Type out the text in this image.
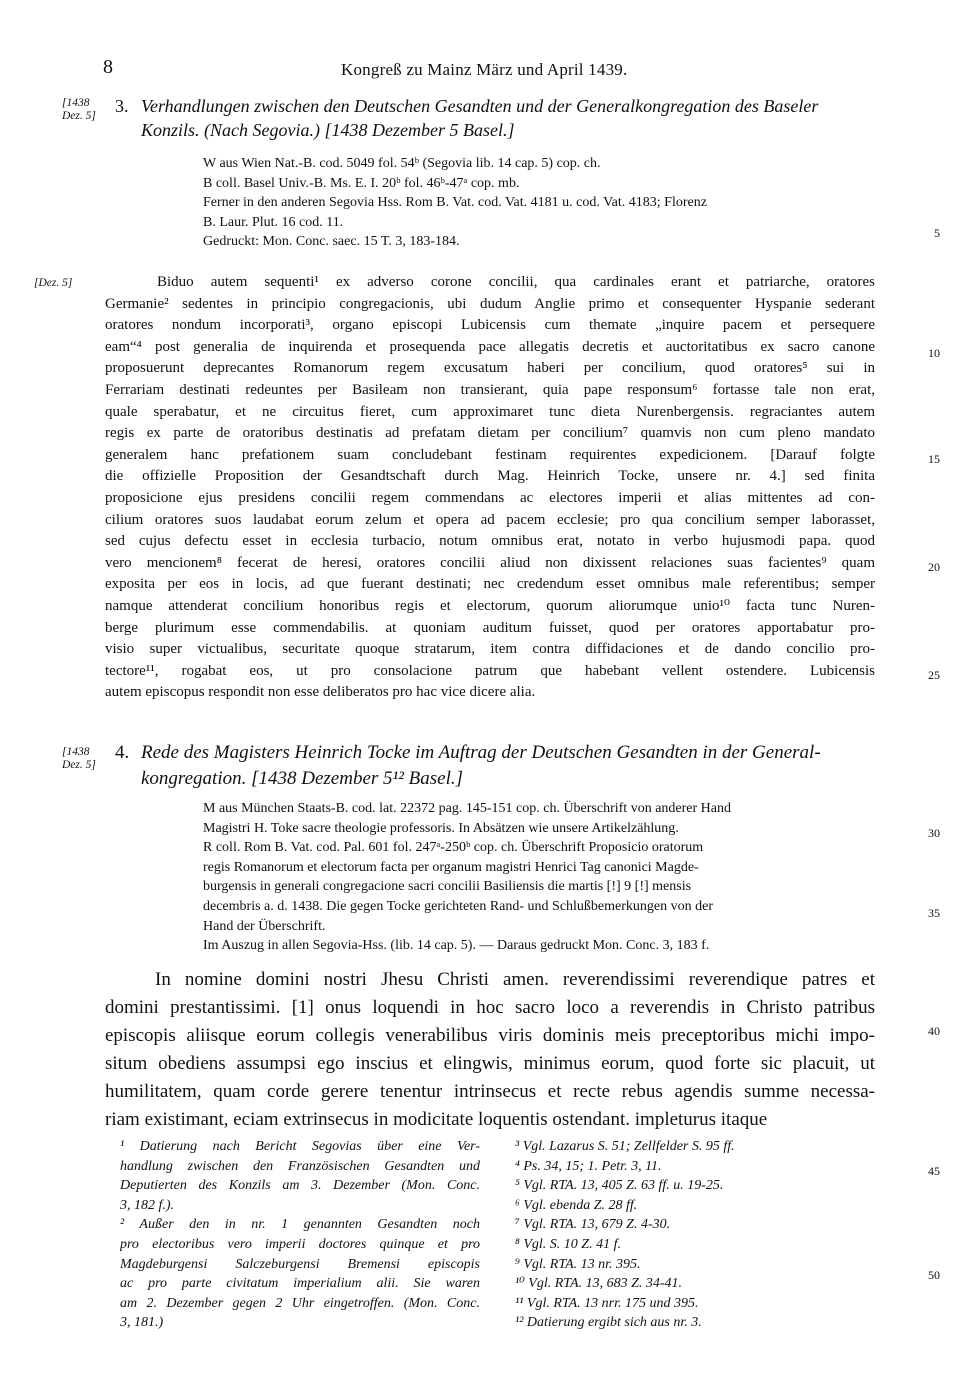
8	Kongreß zu Mainz März und April 1439.
[1438 Dez. 5] 3. Verhandlungen zwischen den Deutschen Gesandten und der Generalkongregation des Baseler
Konzils. (Nach Segovia.) [1438 Dezember 5 Basel.]

W aus Wien Nat.-B. cod. 5049 fol. 54ᵇ (Segovia lib. 14 cap. 5) cop. ch.

B coll. Basel Univ.-B. Ms. E. I. 20ᵇ fol. 46ᵇ-47ᵃ cop. mb.

Ferner in den anderen Segovia Hss. Rom B. Vat. cod. Vat. 4181 u. cod. Vat. 4183; Florenz

B. Laur. Plut. 16 cod. 11.

Gedruckt: Mon. Conc. saec. 15 T. 3, 183-184.

[Dez. 5]	Biduo autem sequenti¹ ex adverso corone concilii, qua cardinales erant et patriarche, oratores
Germanie² sedentes in principio congregacionis, ubi dudum Anglie primo et consequenter Hyspanie sederant
oratores nondum incorporati³, organo episcopi Lubicensis cum themate „inquire pacem et persequere
eam“⁴ post generalia de inquirenda et prosequenda pace allegatis decretis et auctoritatibus ex sacro canone
proposuerunt deprecantes Romanorum regem excusatum haberi per concilium, quod oratores⁵ sui in
Ferrariam destinati redeuntes per Basileam non transierant, quia pape responsum⁶ fortasse tale non erat,
quale sperabatur, et ne circuitus fieret, cum approximaret tunc dieta Nurenbergensis. regraciantes autem
regis ex parte de oratoribus destinatis ad prefatam dietam per concilium⁷ quamvis non cum pleno mandato
generalem hanc prefationem suam concludebant festinam requirentes expedicionem. [Darauf folgte
die offizielle Proposition der Gesandtschaft durch Mag. Heinrich Tocke, unsere nr. 4.] sed finita
proposicione ejus presidens concilii regem commendans ac electores imperii et alias mittentes ad con-
cilium oratores suos laudabat eorum zelum et opera ad pacem ecclesie; pro qua concilium semper laborasset,
sed cujus defectu esset in ecclesia turbacio, notum omnibus erat, notato in verbo hujusmodi papa. quod
vero mencionem⁸ fecerat de heresi, oratores concilii aliud non dixissent relaciones suas facientes⁹ quam
exposita per eos in locis, ad que fuerant destinati; nec credendum esset omnibus male referentibus; semper
namque attenderat concilium honoribus regis et electorum, quorum aliorumque unio¹⁰ facta tunc Nuren-
berge plurimum esse commendabilis. at quoniam auditum fuisset, quod per oratores apportabatur pro-
visio super victualibus, securitate quoque stratarum, item contra diffidaciones et de dando concilio pro-
tectore¹¹, rogabat eos, ut pro consolacione patrum que habebant vellent ostendere. Lubicensis
autem episcopus respondit non esse deliberatos pro hac vice dicere alia.
[1438 Dez. 5]
4. Rede des Magisters Heinrich Tocke im Auftrag der Deutschen Gesandten in der General-
kongregation. [1438 Dezember 5¹² Basel.]
M aus München Staats-B. cod. lat. 22372 pag. 145-151 cop. ch. Überschrift von anderer Hand
Magistri H. Toke sacre theologie professoris. In Absätzen wie unsere Artikelzählung.
R coll. Rom B. Vat. cod. Pal. 601 fol. 247ᵃ-250ᵇ cop. ch. Überschrift Proposicio oratorum
regis Romanorum et electorum facta per organum magistri Henrici Tag canonici Magde-
burgensis in generali congregacione sacri concilii Basiliensis die martis [!] 9 [!] mensis
decembris a. d. 1438. Die gegen Tocke gerichteten Rand- und Schlußbemerkungen von der
Hand der Überschrift.
Im Auszug in allen Segovia-Hss. (lib. 14 cap. 5). — Daraus gedruckt Mon. Conc. 3, 183 f.
In nomine domini nostri Jhesu Christi amen. reverendissimi reverendique patres et
domini prestantissimi. [1] onus loquendi in hoc sacro loco a reverendis in Christo patribus
episcopis aliisque eorum collegis venerabilibus viris dominis meis preceptoribus michi impo-
situm obediens assumpsi ego inscius et elingwis, minimus eorum, quod forte sic placuit, ut
humilitatem, quam corde gerere tenentur intrinsecus et recte rebus agendis summe necessa-
riam existimant, eciam extrinsecus in modicitate loquentis ostendant. impleturus itaque
5
10
15
20
25
30
35
40
45
50
¹ Datierung nach Bericht Segovias über eine Ver-
handlung zwischen den Französischen Gesandten und
Deputierten des Konzils am 3. Dezember (Mon. Conc.
3, 182 f.).
² Außer den in nr. 1 genannten Gesandten noch
pro electoribus vero imperii doctores quinque et pro
Magdeburgensi Salczeburgensi Bremensi episcopis
ac pro parte civitatum imperialium alii. Sie waren
am 2. Dezember gegen 2 Uhr eingetroffen. (Mon. Conc.
3, 181.)
³ Vgl. Lazarus S. 51; Zellfelder S. 95 ff.
⁴ Ps. 34, 15; 1. Petr. 3, 11.
⁵ Vgl. RTA. 13, 405 Z. 63 ff. u. 19-25.
⁶ Vgl. ebenda Z. 28 ff.
⁷ Vgl. RTA. 13, 679 Z. 4-30.
⁸ Vgl. S. 10 Z. 41 f.
⁹ Vgl. RTA. 13 nr. 395.
¹⁰ Vgl. RTA. 13, 683 Z. 34-41.
¹¹ Vgl. RTA. 13 nrr. 175 und 395.
¹² Datierung ergibt sich aus nr. 3.
